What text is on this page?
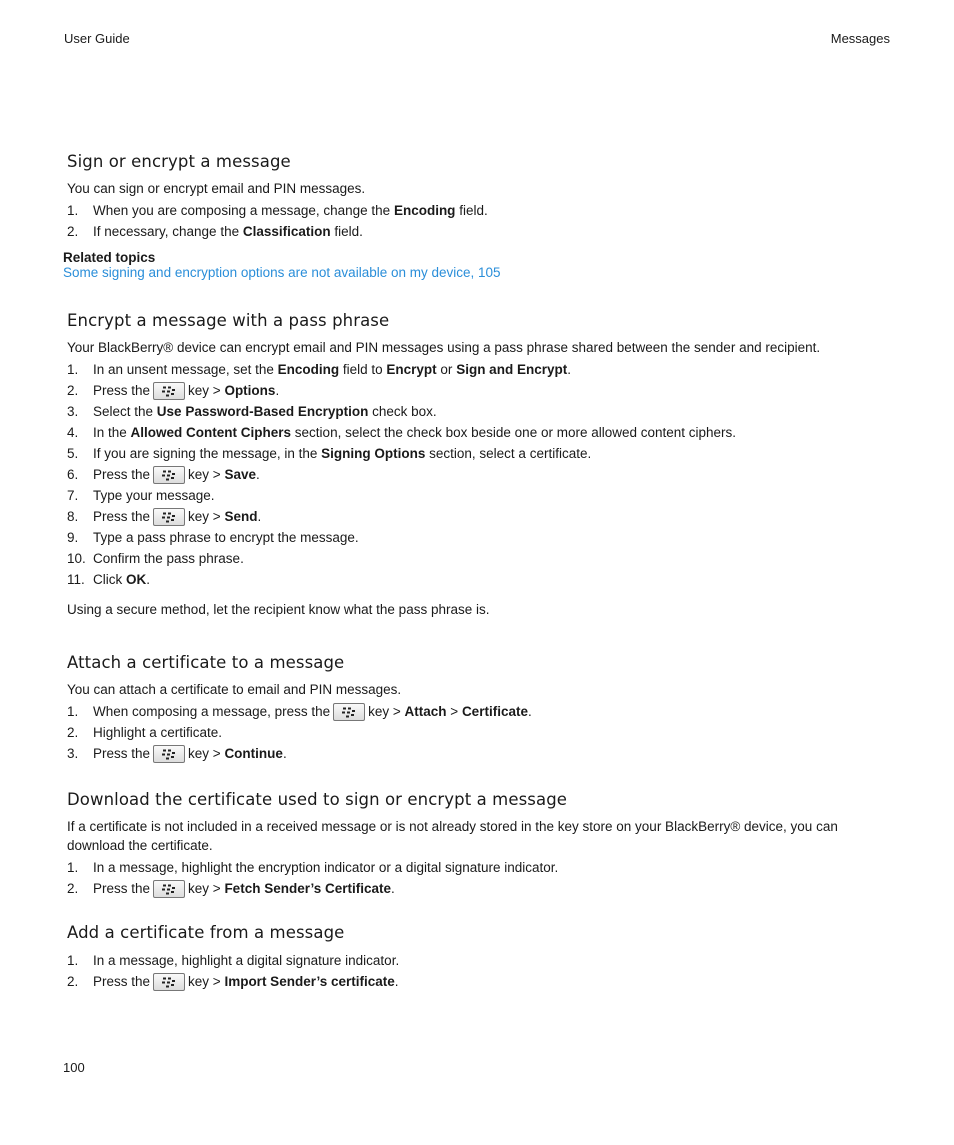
User Guide	Messages
Sign or encrypt a message

You can sign or encrypt email and PIN messages.

1.	When you are composing a message, change the Encoding field.
2.	If necessary, change the Classification field.
Related topics
Some signing and encryption options are not available on my device, 105
Encrypt a message with a pass phrase

Your BlackBerry® device can encrypt email and PIN messages using a pass phrase shared between the sender and recipient.

1.	In an unsent message, set the Encoding field to Encrypt or Sign and Encrypt.
2.	Press the	key > Options.
3.	Select the Use Password-Based Encryption check box.
4.	In the Allowed Content Ciphers section, select the check box beside one or more allowed content ciphers.
5.	If you are signing the message, in the Signing Options section, select a certificate.
6.	Press the	key > Save.
7.	Type your message.
8.	Press the	key > Send.
9.	Type a pass phrase to encrypt the message.
10. Confirm the pass phrase.
11. Click OK.

Using a secure method, let the recipient know what the pass phrase is.

Attach a certificate to a message

You can attach a certificate to email and PIN messages.

1.	When composing a message, press the	key > Attach > Certificate.
2.	Highlight a certificate.
3.	Press the	key > Continue.
Download the certificate used to sign or encrypt a message

If a certificate is not included in a received message or is not already stored in the key store on your BlackBerry® device, you can download the certificate.

1.	In a message, highlight the encryption indicator or a digital signature indicator.
2.	Press the	key > Fetch Sender’s Certificate.
Add a certificate from a message
1.	In a message, highlight a digital signature indicator.
2.	Press the	key > Import Sender’s certificate.
100
